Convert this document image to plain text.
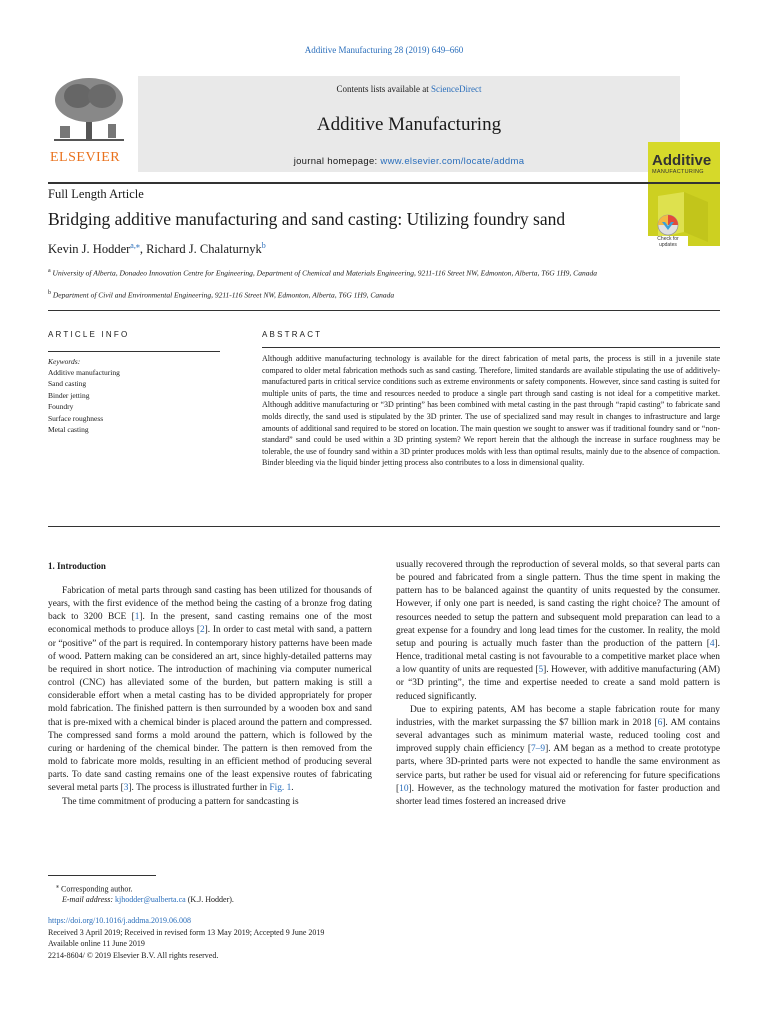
Additive Manufacturing 28 (2019) 649–660
ELSEVIER
Contents lists available at ScienceDirect
Additive Manufacturing
journal homepage: www.elsevier.com/locate/addma	Additive
MANUFACTURING
Full Length Article
Bridging additive manufacturing and sand casting: Utilizing foundry sand
Kevin J. Hodder$^{a,⁎}$, Richard J. Chalaturnyk$^b$
Check for updates
$^a$ University of Alberta, Donadeo Innovation Centre for Engineering, Department of Chemical and Materials Engineering, 9211-116 Street NW, Edmonton, Alberta, T6G 1H9, Canada
$^b$ Department of Civil and Environmental Engineering, 9211-116 Street NW, Edmonton, Alberta, T6G 1H9, Canada
ARTICLE INFO	ABSTRACT
Keywords:
Additive manufacturing
Sand casting
Binder jetting
Foundry
Surface roughness
Metal casting
Although additive manufacturing technology is available for the direct fabrication of metal parts, the process is still in a juvenile state compared to older metal fabrication methods such as sand casting. Therefore, limited standards are available stipulating the use of additively-manufactured parts in critical service conditions such as extreme environments or safety components. However, since sand casting is suited for multiple units of parts, the time and resources needed to produce a single part through sand casting is not ideal for a competitive market. Although additive manufacturing or “3D printing” has been combined with metal casting in the past through “rapid casting” to fabricate sand molds directly, the sand used is stipulated by the 3D printer. The use of specialized sand may result in changes to infrastructure and large amounts of additional sand required to be stored on location. The main question we sought to answer was if traditional foundry sand or “non-standard” sand could be used within a 3D printing system? We report herein that the although the increase in surface roughness may be tolerable, the use of foundry sand within a 3D printer produces molds with less than optimal results, mainly due to the absence of compaction. Binder bleeding via the liquid binder jetting process also contributes to a loss in dimensional quality.
1. Introduction

Fabrication of metal parts through sand casting has been utilized for thousands of years, with the first evidence of the method being the casting of a bronze frog dating back to 3200 BCE [1]. In the present, sand casting remains one of the most economical methods to produce alloys [2]. In order to cast metal with sand, a pattern or “positive” of the part is required. In contemporary history patterns have been made of wood. Pattern making can be considered an art, since highly-detailed patterns may be required in short notice. The introduction of machining via computer numerical control (CNC) has alleviated some of the burden, but pattern making is still a considerable effort when a metal casting has to be divided appropriately for proper mold fabrication. The finished pattern is then surrounded by a wooden box and sand that is pre-mixed with a chemical binder is placed around the pattern and compressed. The compressed sand forms a mold around the pattern, which is followed by the curing or hardening of the chemical binder. The pattern is then removed from the mold to fabricate more molds, resulting in an efficient method of producing several parts. To date sand casting remains one of the least expensive routes of fabricating several metal parts [3]. The process is illustrated further in Fig. 1.

The time commitment of producing a pattern for sandcasting is

usually recovered through the reproduction of several molds, so that several parts can be poured and fabricated from a single pattern. Thus the time spent in making the pattern has to be balanced against the quantity of units requested by the consumer. However, if only one part is needed, is sand casting the right choice? The amount of resources needed to setup the pattern and subsequent mold preparation can lead to a great expense for a foundry and long lead times for the customer. In reality, the mold setup and pouring is actually much faster than the production of the pattern [4]. Hence, traditional metal casting is not favourable to a competitive market place when a low quantity of units are requested [5]. However, with additive manufacturing (AM) or “3D printing”, the time and expertise needed to create a sand mold pattern is reduced significantly.

Due to expiring patents, AM has become a staple fabrication route for many industries, with the market surpassing the $7 billion mark in 2018 [6]. AM contains several advantages such as minimum material waste, reduced tooling cost and improved supply chain efficiency [7–9]. AM began as a method to create prototype parts, where 3D-printed parts were not expected to handle the same environment as service parts, but rather be used for visual aid or referencing for future specifications [10]. However, as the technology matured the motivation for faster production and shorter lead times fostered an increased drive

⁎ Corresponding author.
E-mail address: kjhodder@ualberta.ca (K.J. Hodder).
https://doi.org/10.1016/j.addma.2019.06.008
Received 3 April 2019; Received in revised form 13 May 2019; Accepted 9 June 2019
Available online 11 June 2019
2214-8604/ © 2019 Elsevier B.V. All rights reserved.
